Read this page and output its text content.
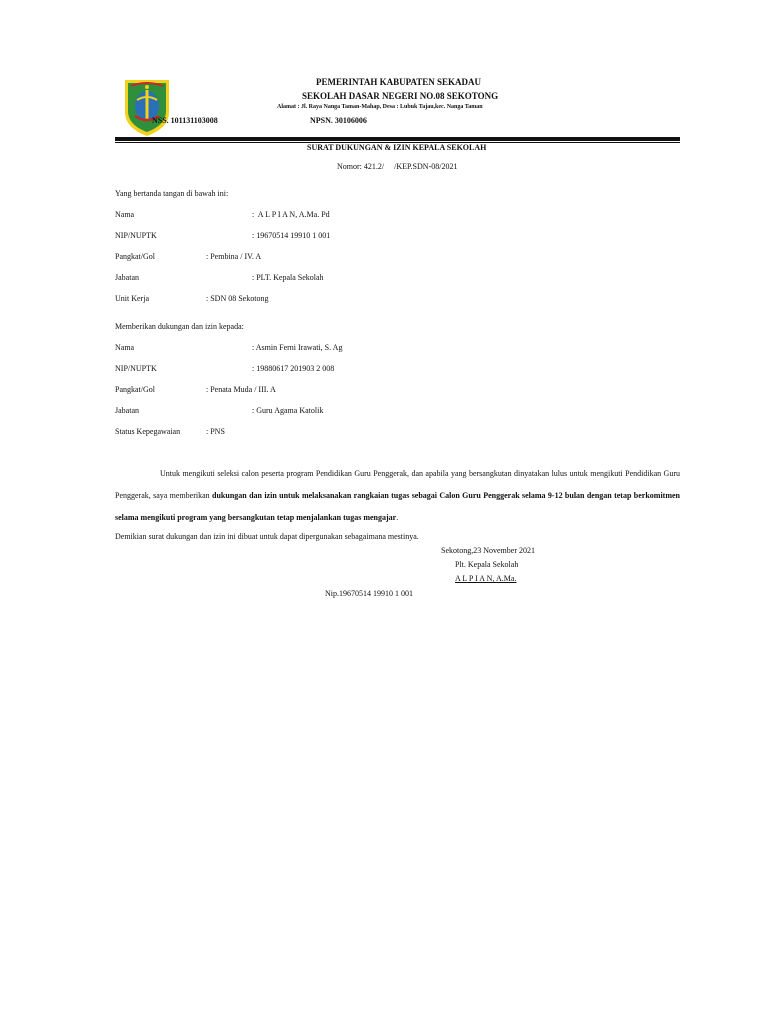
PEMERINTAH KABUPATEN SEKADAU
SEKOLAH DASAR NEGERI NO.08 SEKOTONG
Alamat : Jl. Raya Nanga Taman-Mahap, Desa : Lubuk Tajau,kec. Nanga Taman
NSS. 101131103008	NPSN. 30106006
SURAT DUKUNGAN & IZIN KEPALA SEKOLAH
Nomor: 421.2/     /KEP.SDN-08/2021
Yang bertanda tangan di bawah ini:
Nama	:  A L P I A N, A.Ma. Pd
NIP/NUPTK	: 19670514 19910 1 001
Pangkat/Gol	: Pembina / IV. A
Jabatan	: PLT. Kepala Sekolah
Unit Kerja	: SDN 08 Sekotong
Memberikan dukungan dan izin kepada:
Nama	: Asmin Ferni Irawati, S. Ag
NIP/NUPTK	: 19880617 201903 2 008
Pangkat/Gol	: Penata Muda / III. A
Jabatan	: Guru Agama Katolik
Status Kepegawaian	: PNS
Untuk mengikuti seleksi calon peserta program Pendidikan Guru Penggerak, dan apabila yang bersangkutan dinyatakan lulus untuk mengikuti Pendidikan Guru Penggerak, saya memberikan dukungan dan izin untuk melaksanakan rangkaian tugas sebagai Calon Guru Penggerak selama 9-12 bulan dengan tetap berkomitmen selama mengikuti program yang bersangkutan tetap menjalankan tugas mengajar.
Demikian surat dukungan dan izin ini dibuat untuk dapat dipergunakan sebagaimana mestinya.
Sekotong,23 November 2021
Plt. Kepala Sekolah
A L P I A N, A.Ma.
Nip.19670514 19910 1 001
